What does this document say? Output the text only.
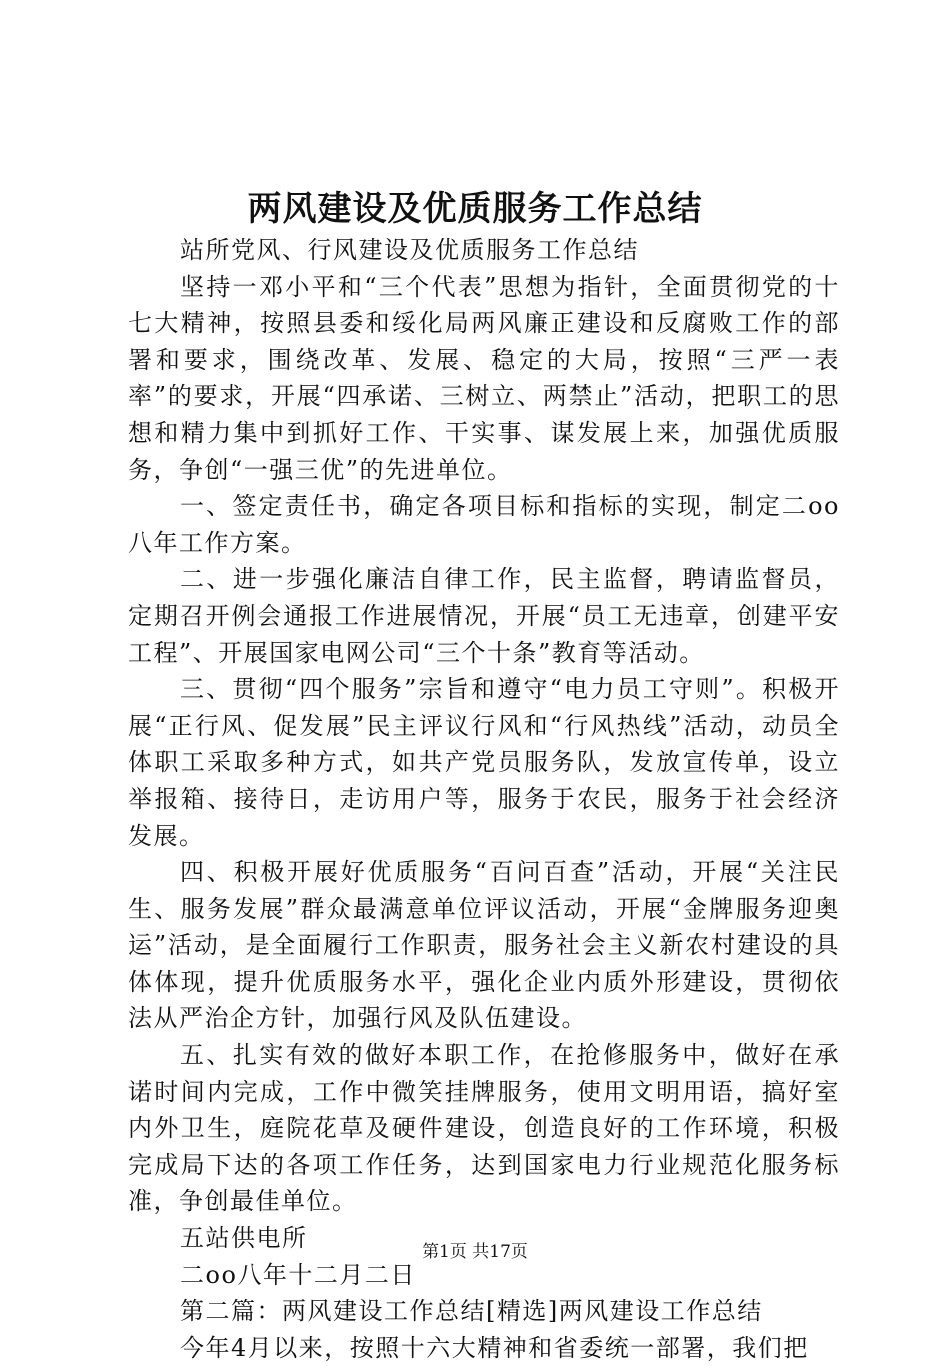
两风建设及优质服务工作总结

站所党风、行风建设及优质服务工作总结

坚持一邓小平和“三个代表”思想为指针，全面贯彻党的十七大精神，按照县委和绥化局两风廉正建设和反腐败工作的部署和要求，围绕改革、发展、稳定的大局，按照“三严一表率”的要求，开展“四承诺、三树立、两禁止”活动，把职工的思想和精力集中到抓好工作、干实事、谋发展上来，加强优质服务，争创“一强三优”的先进单位。

一、签定责任书，确定各项目标和指标的实现，制定二oo八年工作方案。

二、进一步强化廉洁自律工作，民主监督，聘请监督员，定期召开例会通报工作进展情况，开展“员工无违章，创建平安工程”、开展国家电网公司“三个十条”教育等活动。

三、贯彻“四个服务”宗旨和遵守“电力员工守则”。积极开展“正行风、促发展”民主评议行风和“行风热线”活动，动员全体职工采取多种方式，如共产党员服务队，发放宣传单，设立举报箱、接待日，走访用户等，服务于农民，服务于社会经济发展。

四、积极开展好优质服务“百问百查”活动，开展“关注民生、服务发展”群众最满意单位评议活动，开展“金牌服务迎奥运”活动，是全面履行工作职责，服务社会主义新农村建设的具体体现，提升优质服务水平，强化企业内质外形建设，贯彻依法从严治企方针，加强行风及队伍建设。

五、扎实有效的做好本职工作，在抢修服务中，做好在承诺时间内完成，工作中微笑挂牌服务，使用文明用语，搞好室内外卫生，庭院花草及硬件建设，创造良好的工作环境，积极完成局下达的各项工作任务，达到国家电力行业规范化服务标准，争创最佳单位。

五站供电所

二oo八年十二月二日

第二篇：两风建设工作总结[精选]两风建设工作总结

今年4月以来，按照十六大精神和省委统一部署，我们把

第1页 共17页
